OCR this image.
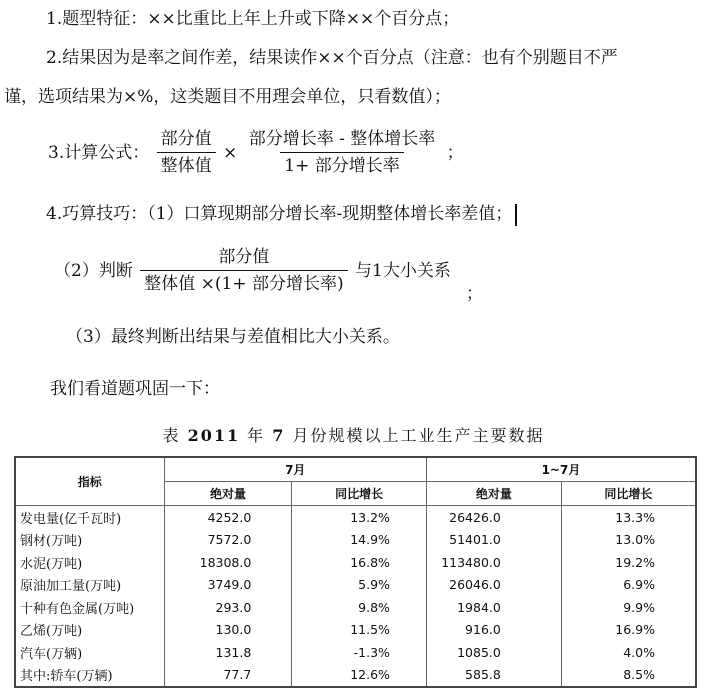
1.题型特征：××比重比上年上升或下降××个百分点；
2.结果因为是率之间作差，结果读作××个百分点（注意：也有个别题目不严
谨，选项结果为×%，这类题目不用理会单位，只看数值）；
3.计算公式： $\frac{\text{部分值}}{\text{整体值}} \times \frac{\text{部分增长率 - 整体增长率}}{\text{1+ 部分增长率}}$ ；
4.巧算技巧：（1）口算现期部分增长率-现期整体增长率差值；
（2）判断 $\frac{\text{部分值}}{\text{整体值 ×(1+ 部分增长率)}}$ 与1大小关系
；
（3）最终判断出结果与差值相比大小关系。
我们看道题巩固一下：
表 2011 年 7 月份规模以上工业生产主要数据
指标	7月		1~7月	
	绝对量	同比增长	绝对量	同比增长
发电量(亿千瓦时)	4252.0	13.2%	26426.0	13.3%
钢材(万吨)	7572.0	14.9%	51401.0	13.0%
水泥(万吨)	18308.0	16.8%	113480.0	19.2%
原油加工量(万吨)	3749.0	5.9%	26046.0	6.9%
十种有色金属(万吨)	293.0	9.8%	1984.0	9.9%
乙烯(万吨)	130.0	11.5%	916.0	16.9%
汽车(万辆)	131.8	-1.3%	1085.0	4.0%
其中:轿车(万辆)	77.7	12.6%	585.8	8.5%
